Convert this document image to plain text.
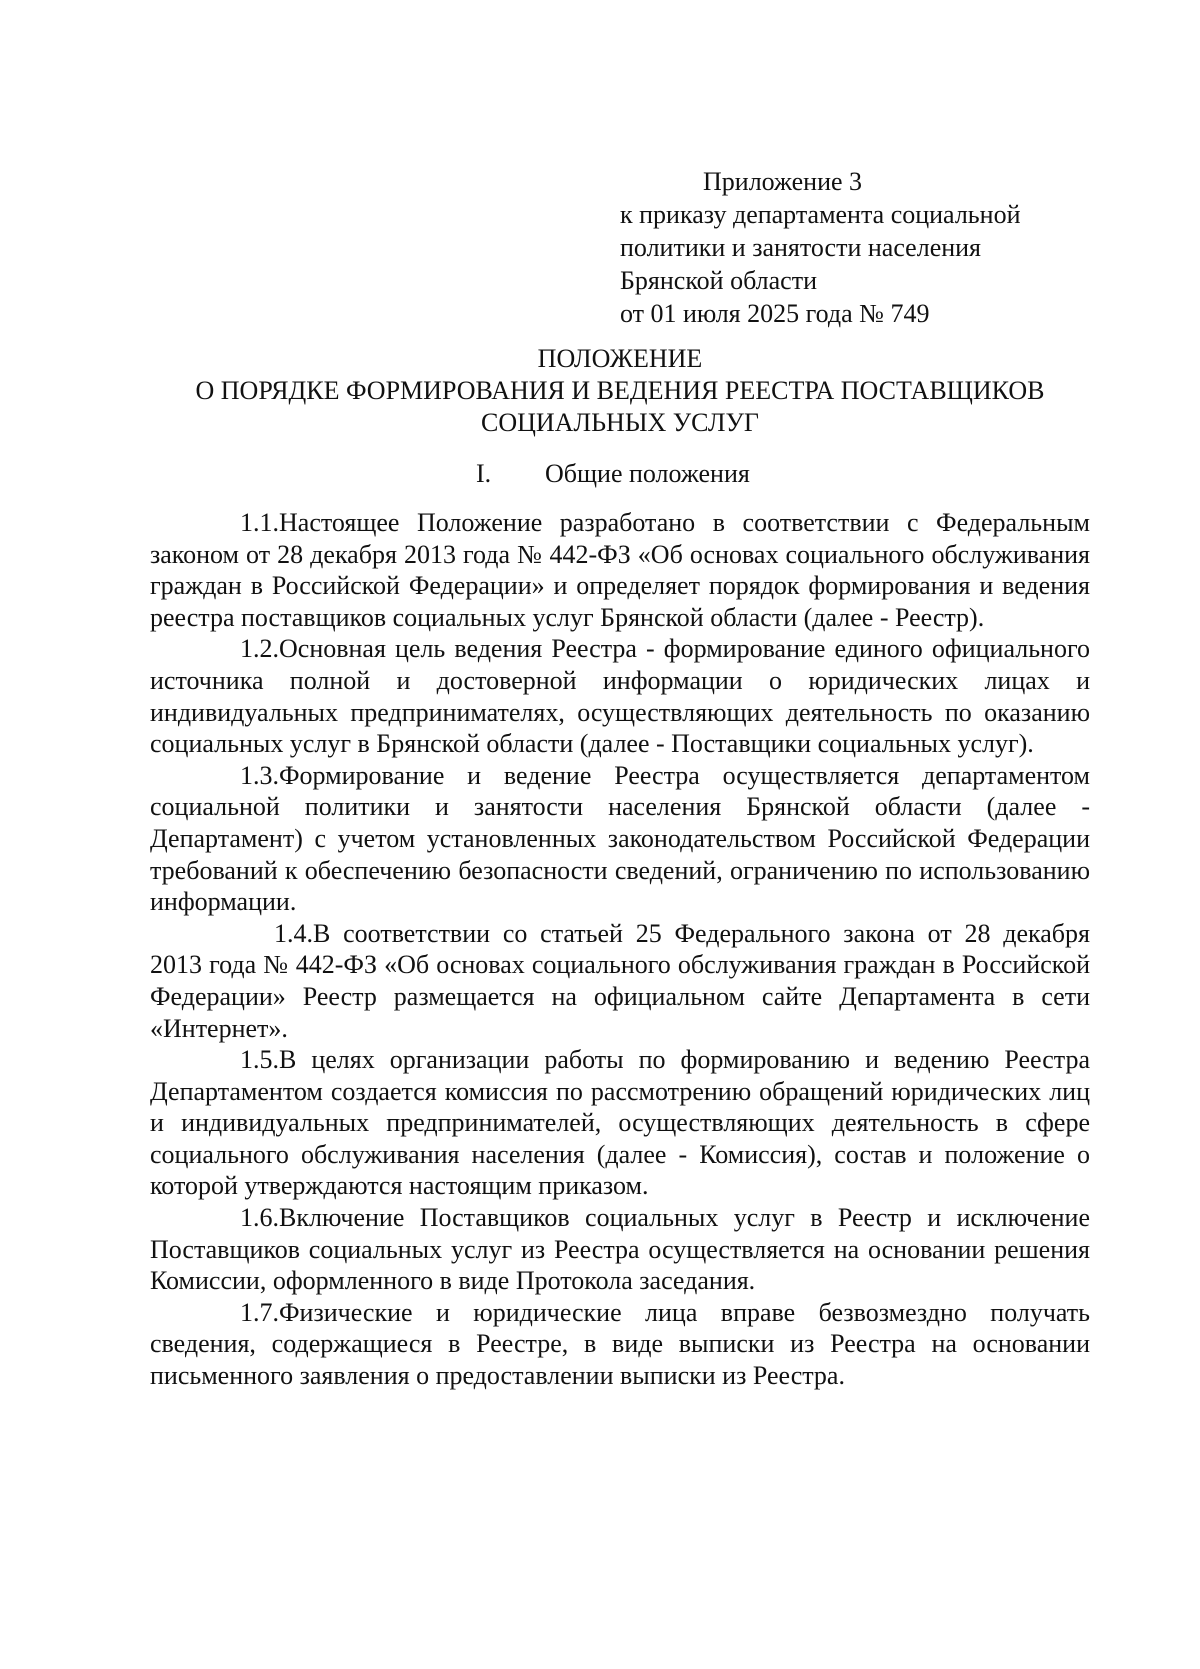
Приложение 3
к приказу департамента социальной
политики и занятости населения
Брянской области
от 01 июля 2025 года № 749
ПОЛОЖЕНИЕ
О ПОРЯДКЕ ФОРМИРОВАНИЯ И ВЕДЕНИЯ РЕЕСТРА ПОСТАВЩИКОВ
СОЦИАЛЬНЫХ УСЛУГ
I. Общие положения

1.1.Настоящее Положение разработано в соответствии с Федеральным законом от 28 декабря 2013 года № 442-ФЗ «Об основах социального обслуживания граждан в Российской Федерации» и определяет порядок формирования и ведения реестра поставщиков социальных услуг Брянской области (далее - Реестр).

1.2.Основная цель ведения Реестра - формирование единого официального источника полной и достоверной информации о юридических лицах и индивидуальных предпринимателях, осуществляющих деятельность по оказанию социальных услуг в Брянской области (далее - Поставщики социальных услуг).

1.3.Формирование и ведение Реестра осуществляется департаментом социальной политики и занятости населения Брянской области (далее - Департамент) с учетом установленных законодательством Российской Федерации требований к обеспечению безопасности сведений, ограничению по использованию информации.

1.4.В соответствии со статьей 25 Федерального закона от 28 декабря 2013 года № 442-ФЗ «Об основах социального обслуживания граждан в Российской Федерации» Реестр размещается на официальном сайте Департамента в сети «Интернет».

1.5.В целях организации работы по формированию и ведению Реестра Департаментом создается комиссия по рассмотрению обращений юридических лиц и индивидуальных предпринимателей, осуществляющих деятельность в сфере социального обслуживания населения (далее - Комиссия), состав и положение о которой утверждаются настоящим приказом.

1.6.Включение Поставщиков социальных услуг в Реестр и исключение Поставщиков социальных услуг из Реестра осуществляется на основании решения Комиссии, оформленного в виде Протокола заседания.

1.7.Физические и юридические лица вправе безвозмездно получать сведения, содержащиеся в Реестре, в виде выписки из Реестра на основании письменного заявления о предоставлении выписки из Реестра.
